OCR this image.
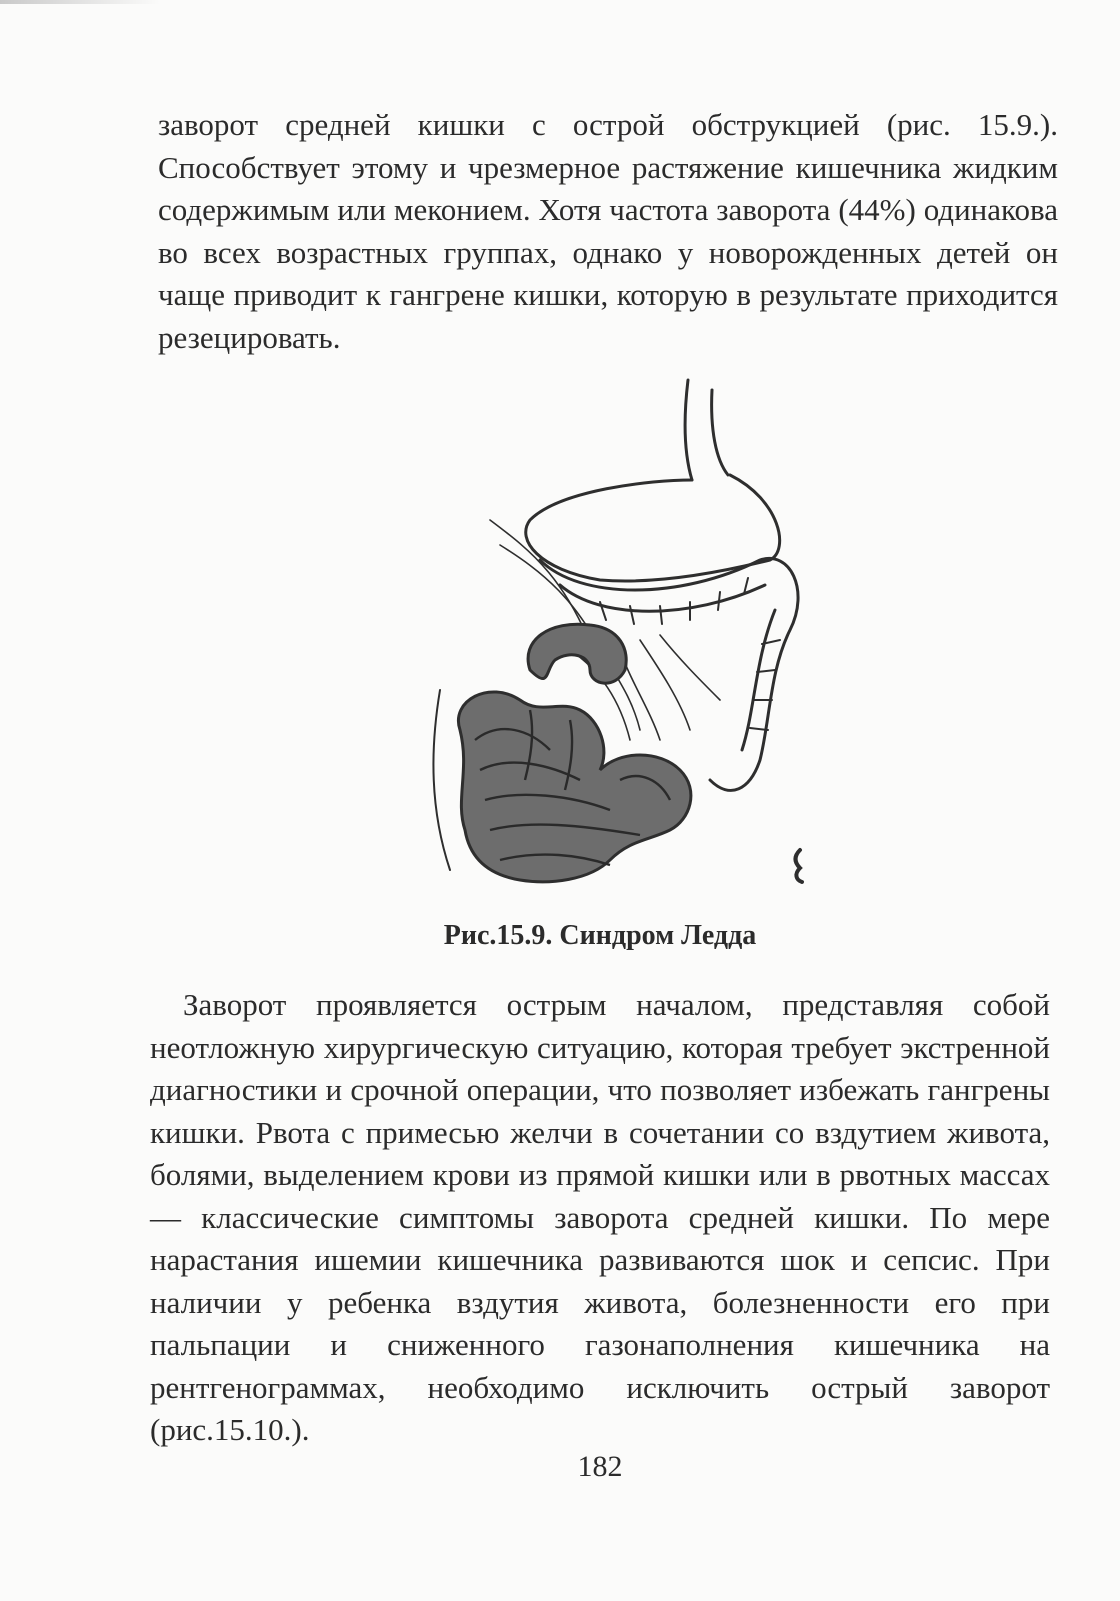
заворот средней кишки с острой обструкцией (рис. 15.9.). Способствует этому и чрезмерное растяжение кишечника жидким содержимым или меконием. Хотя частота заворота (44%) одинакова во всех возрастных группах, однако у новорожденных детей он чаще приводит к гангрене кишки, которую в результате приходится резецировать.

Рис.15.9. Синдром Ледда

Заворот проявляется острым началом, представляя собой неотложную хирургическую ситуацию, которая требует экстренной диагностики и срочной операции, что позволяет избежать гангрены кишки. Рвота с примесью желчи в сочетании со вздутием живота, болями, выделением крови из прямой кишки или в рвотных массах — классические симптомы заворота средней кишки. По мере нарастания ишемии кишечника развиваются шок и сепсис. При наличии у ребенка вздутия живота, болезненности его при пальпации и сниженного газонаполнения кишечника на рентгенограммах, необходимо исключить острый заворот (рис.15.10.).

182
